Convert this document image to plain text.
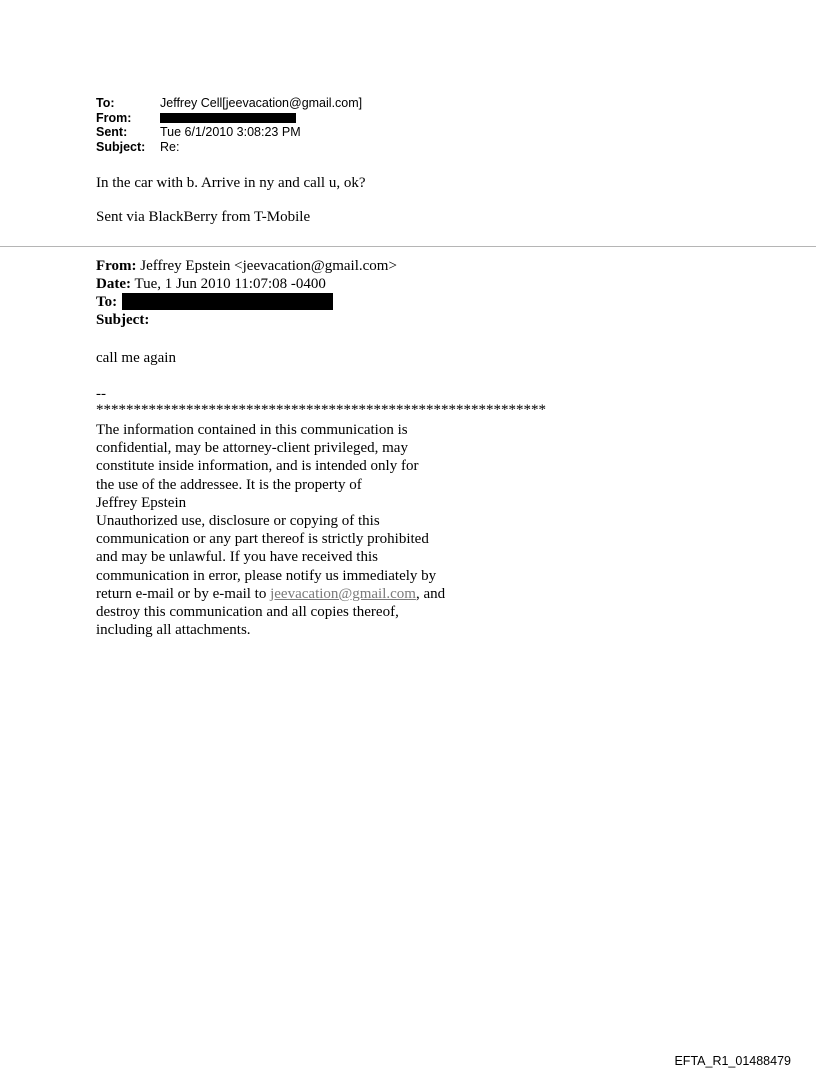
To:	Jeffrey Cell[jeevacation@gmail.com]
From:
Sent:	Tue 6/1/2010 3:08:23 PM
Subject:	Re:

In the car with b. Arrive in ny and call u, ok?

Sent via BlackBerry from T-Mobile

From: Jeffrey Epstein <jeevacation@gmail.com>
Date: Tue, 1 Jun 2010 11:07:08 -0400
To:
Subject:
call me again
--
************************************************************
The information contained in this communication is
confidential, may be attorney-client privileged, may
constitute inside information, and is intended only for
the use of the addressee. It is the property of
Jeffrey Epstein
Unauthorized use, disclosure or copying of this
communication or any part thereof is strictly prohibited
and may be unlawful. If you have received this
communication in error, please notify us immediately by
return e-mail or by e-mail to jeevacation@gmail.com, and
destroy this communication and all copies thereof,
including all attachments.
EFTA_R1_01488479
